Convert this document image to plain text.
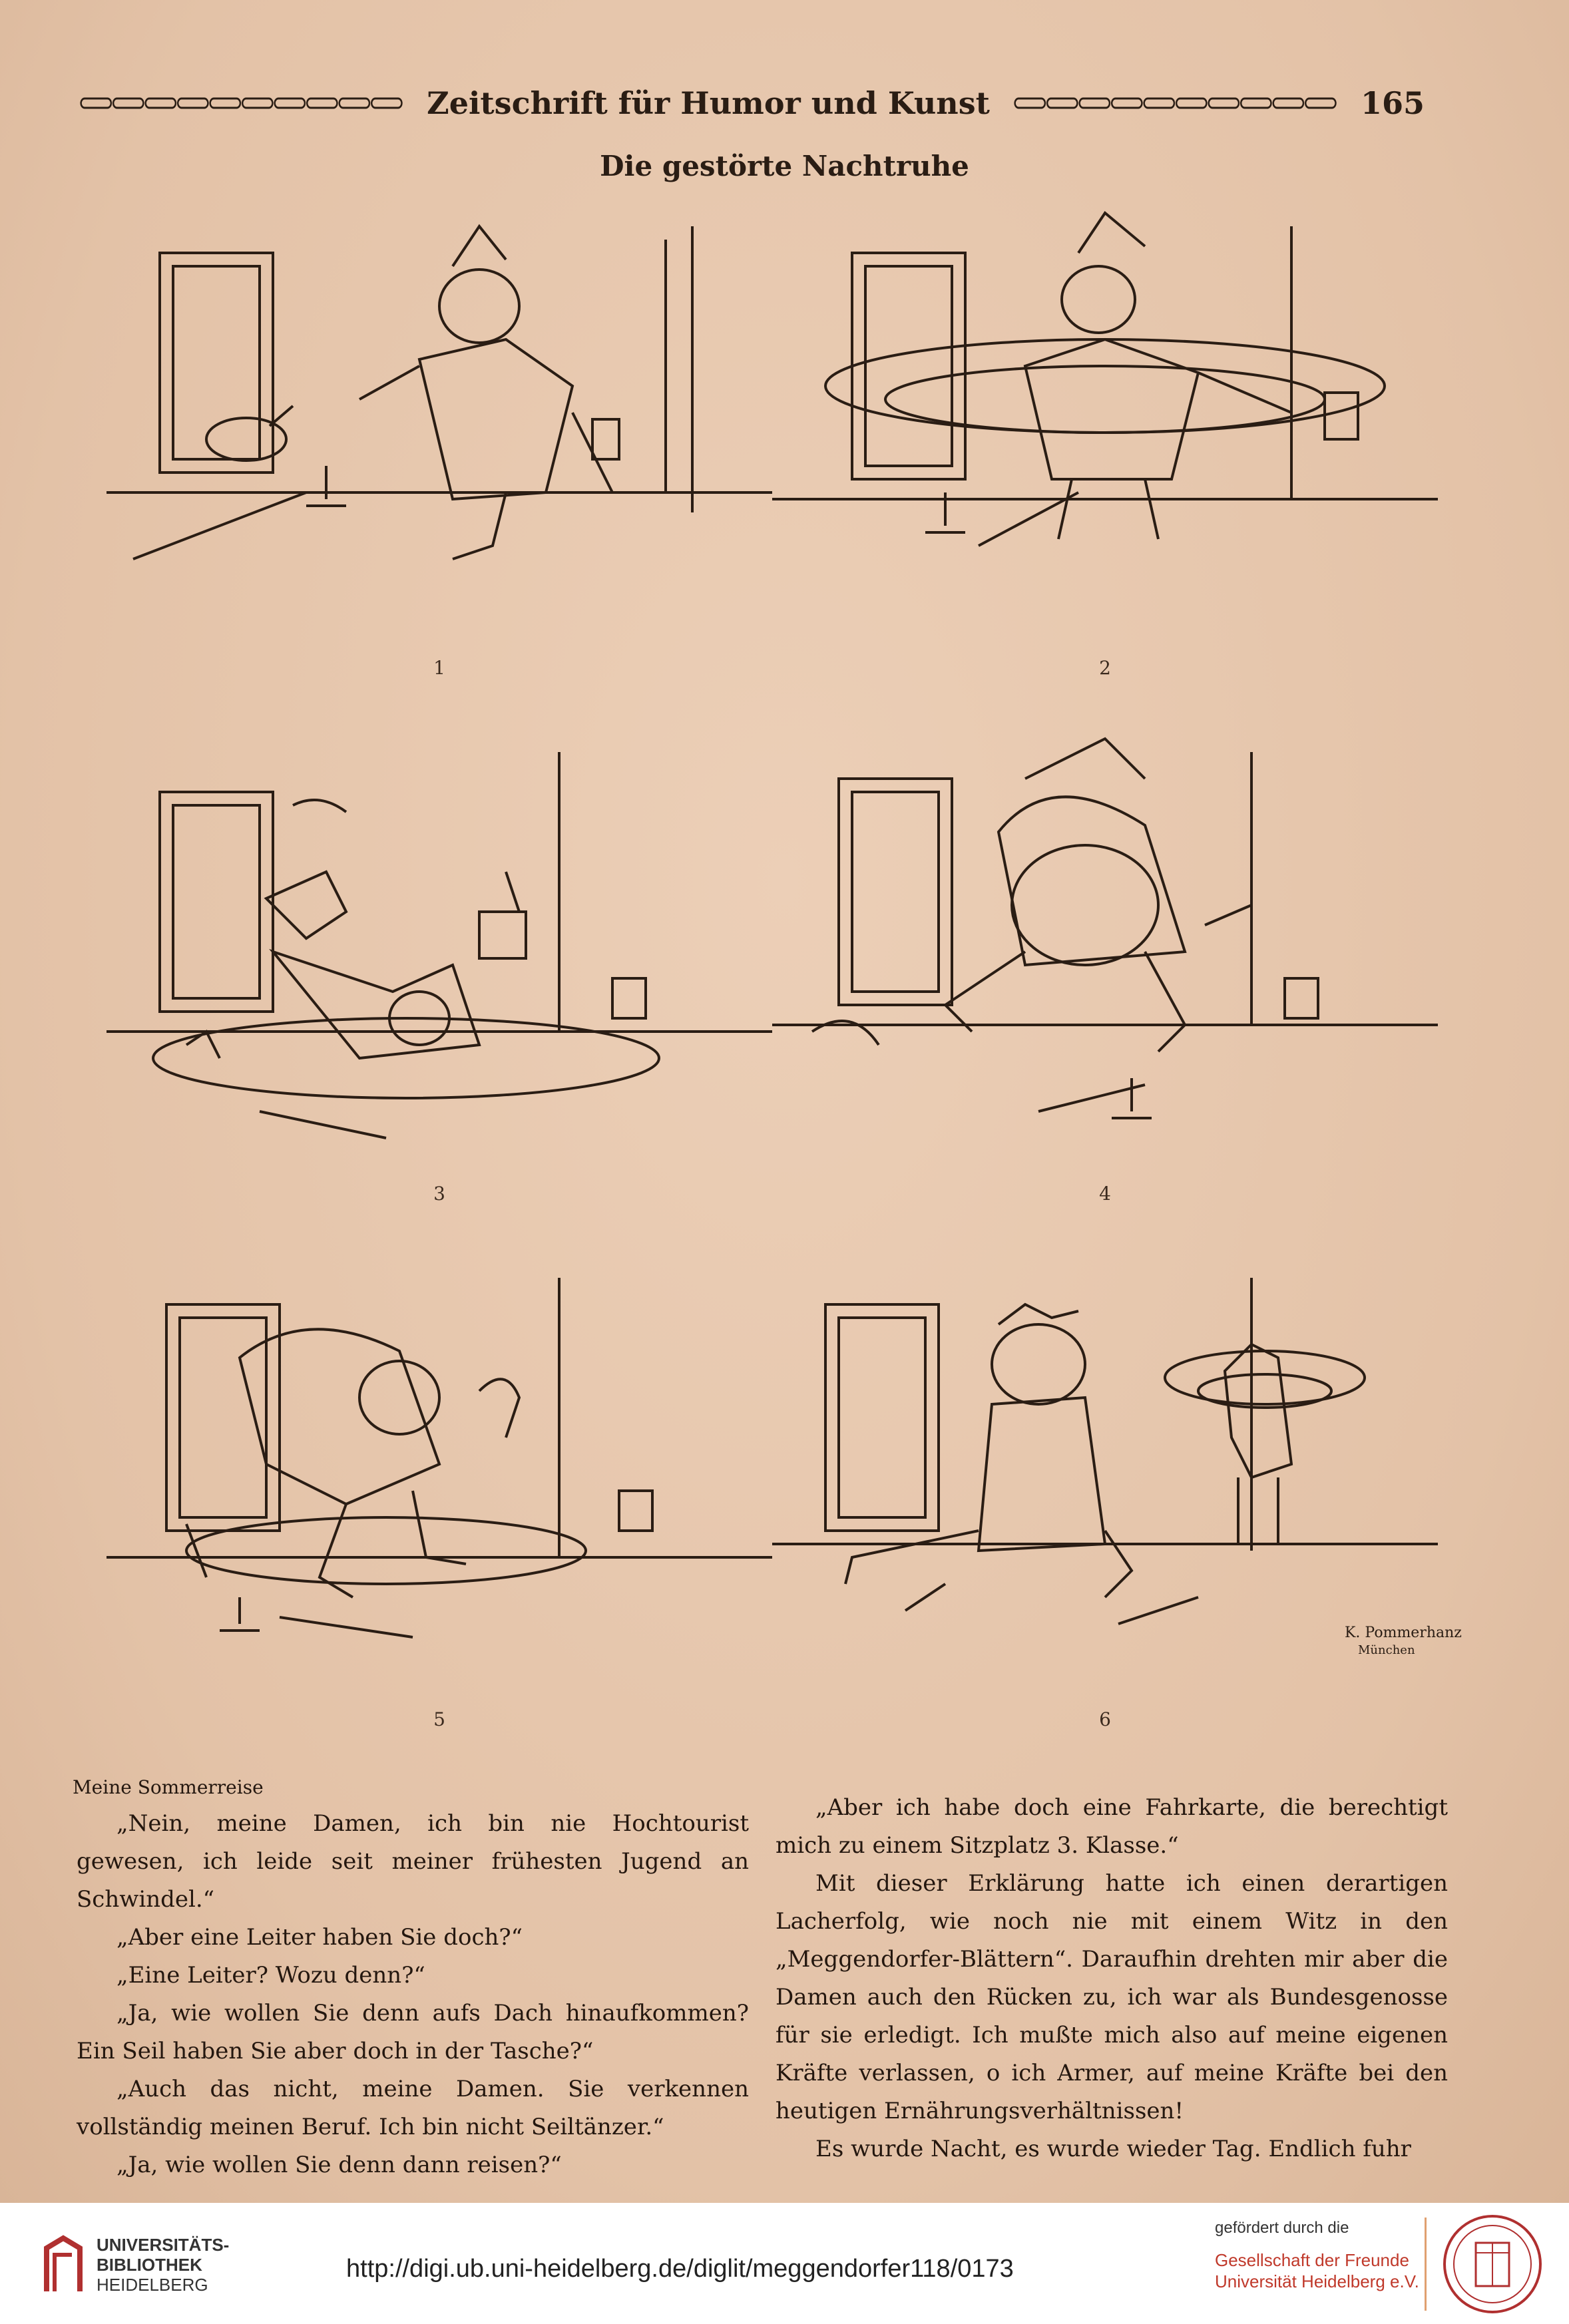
Zeitschrift für Humor und Kunst	165
Die gestörte Nachtruhe
1	2
3	4
5
K. Pommerhanz
München
6

Meine Sommerreise

„Nein, meine Damen, ich bin nie Hochtourist gewesen, ich leide seit meiner frühesten Jugend an Schwindel.“

„Aber eine Leiter haben Sie doch?“

„Eine Leiter? Wozu denn?“

„Ja, wie wollen Sie denn aufs Dach hinaufkommen? Ein Seil haben Sie aber doch in der Tasche?“

„Auch das nicht, meine Damen. Sie verkennen vollständig meinen Beruf. Ich bin nicht Seiltänzer.“

„Ja, wie wollen Sie denn dann reisen?“

„Aber ich habe doch eine Fahrkarte, die berechtigt mich zu einem Sitzplatz 3. Klasse.“

Mit dieser Erklärung hatte ich einen derartigen Lacherfolg, wie noch nie mit einem Witz in den „Meggendorfer-Blättern“. Daraufhin drehten mir aber die Damen auch den Rücken zu, ich war als Bundesgenosse für sie erledigt. Ich mußte mich also auf meine eigenen Kräfte verlassen, o ich Armer, auf meine Kräfte bei den heutigen Ernährungsverhältnissen!

Es wurde Nacht, es wurde wieder Tag. Endlich fuhr

UNIVERSITÄTS-
BIBLIOTHEK
HEIDELBERG
http://digi.ub.uni-heidelberg.de/diglit/meggendorfer118/0173
gefördert durch die
Gesellschaft der Freunde
Universität Heidelberg e.V.
